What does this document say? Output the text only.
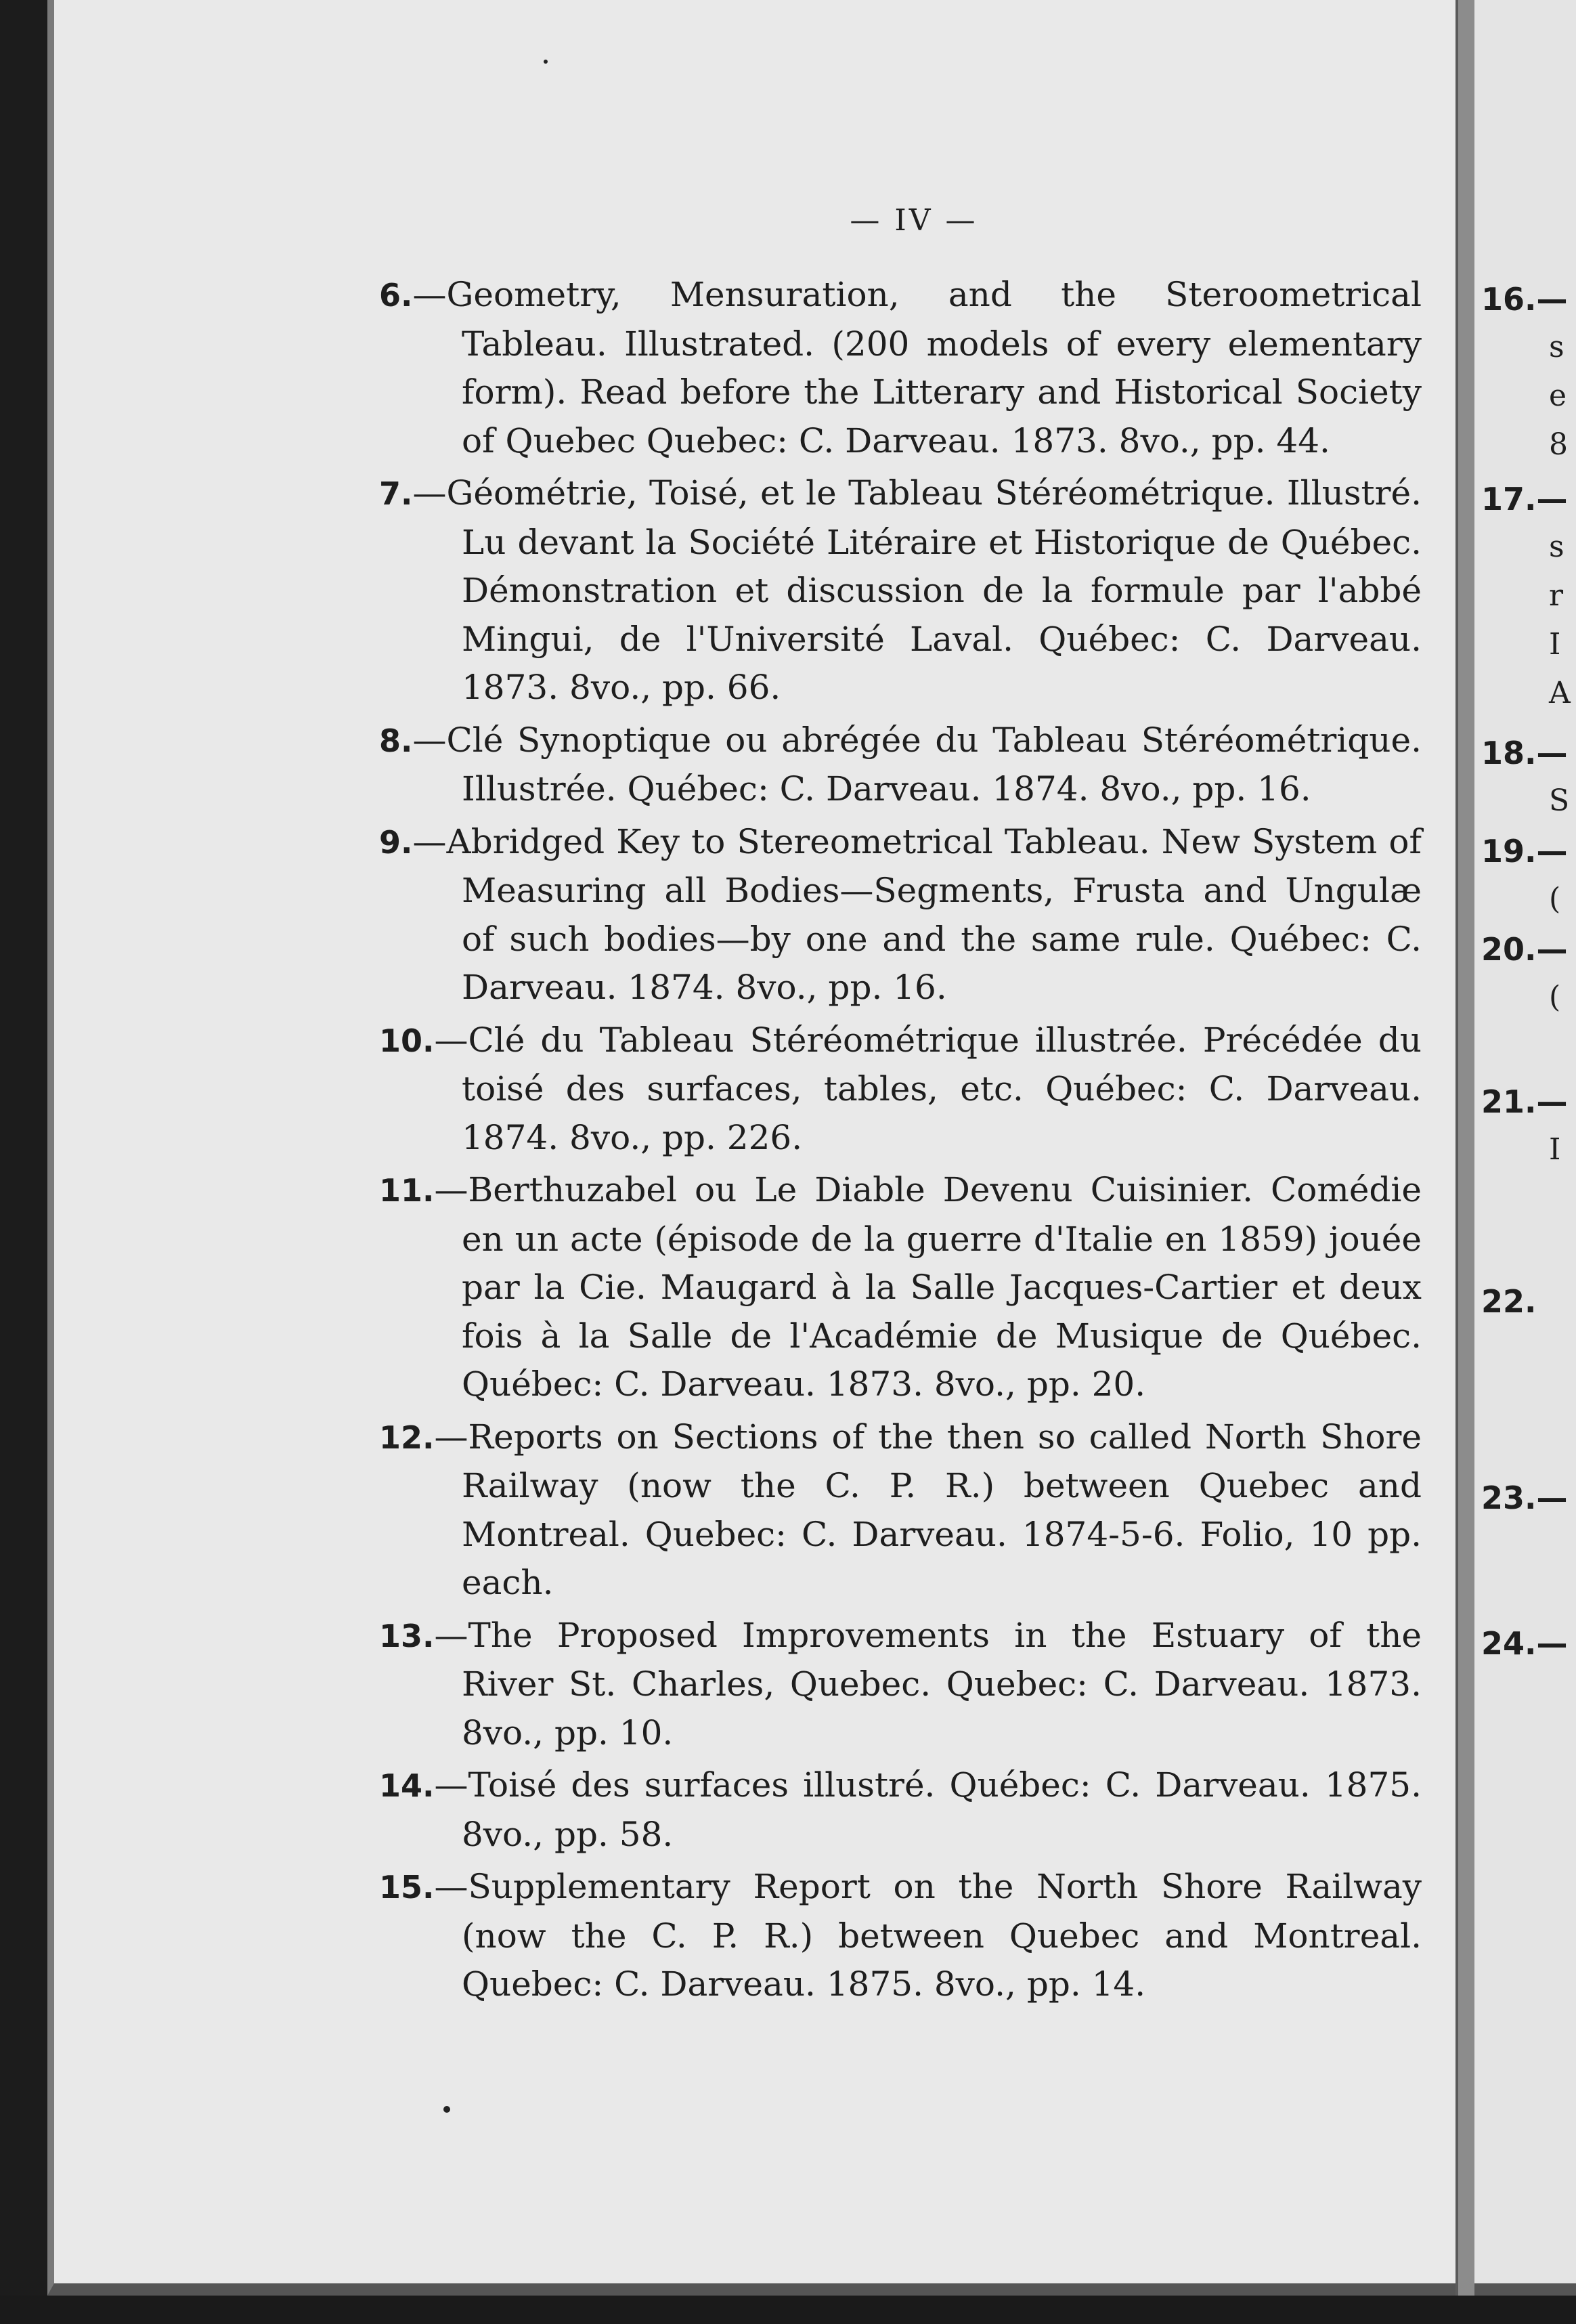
— IV —

6.—Geometry, Mensuration, and the Steroometrical Tableau. Illustrated. (200 models of every elementary form). Read before the Litterary and Historical Society of Quebec Quebec: C. Darveau. 1873. 8vo., pp. 44.

7.—Géométrie, Toisé, et le Tableau Stéréométrique. Illustré. Lu devant la Société Litéraire et Historique de Québec. Démonstration et discussion de la formule par l'abbé Mingui, de l'Université Laval. Québec: C. Darveau. 1873. 8vo., pp. 66.

8.—Clé Synoptique ou abrégée du Tableau Stéréométrique. Illustrée. Québec: C. Darveau. 1874. 8vo., pp. 16.

9.—Abridged Key to Stereometrical Tableau. New System of Measuring all Bodies—Segments, Frusta and Ungulæ of such bodies—by one and the same rule. Québec: C. Darveau. 1874. 8vo., pp. 16.

10.—Clé du Tableau Stéréométrique illustrée. Précédée du toisé des surfaces, tables, etc. Québec: C. Darveau. 1874. 8vo., pp. 226.

11.—Berthuzabel ou Le Diable Devenu Cuisinier. Comédie en un acte (épisode de la guerre d'Italie en 1859) jouée par la Cie. Maugard à la Salle Jacques-Cartier et deux fois à la Salle de l'Académie de Musique de Québec. Québec: C. Darveau. 1873. 8vo., pp. 20.

12.—Reports on Sections of the then so called North Shore Railway (now the C. P. R.) between Quebec and Montreal. Quebec: C. Darveau. 1874-5-6. Folio, 10 pp. each.

13.—The Proposed Improvements in the Estuary of the River St. Charles, Quebec. Quebec: C. Darveau. 1873. 8vo., pp. 10.

14.—Toisé des surfaces illustré. Québec: C. Darveau. 1875. 8vo., pp. 58.

15.—Supplementary Report on the North Shore Railway (now the C. P. R.) between Quebec and Montreal. Quebec: C. Darveau. 1875. 8vo., pp. 14.

16.—
s
e
8
17.—
s
r
I
A
18.—
S
19.—
(
20.—
(
21.—
I
22.
23.—
24.—
